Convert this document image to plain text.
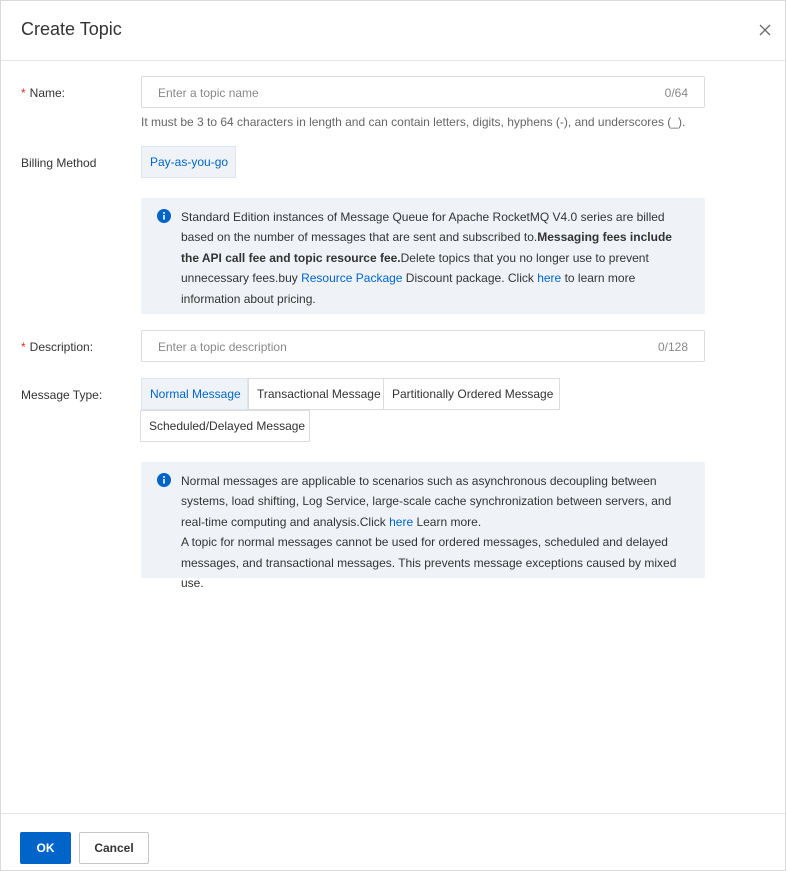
Create Topic
* Name:	Enter a topic name	0/64
It must be 3 to 64 characters in length and can contain letters, digits, hyphens (-), and underscores (_).
Billing Method	Pay-as-you-go
Standard Edition instances of Message Queue for Apache RocketMQ V4.0 series are billed based on the number of messages that are sent and subscribed to.Messaging fees include the API call fee and topic resource fee.Delete topics that you no longer use to prevent unnecessary fees.buy Resource Package Discount package. Click here to learn more information about pricing.
* Description:	Enter a topic description	0/128
Message Type:	Normal Message	Transactional Message Partitionally Ordered Message
Scheduled/Delayed Message
Normal messages are applicable to scenarios such as asynchronous decoupling between systems, load shifting, Log Service, large-scale cache synchronization between servers, and real-time computing and analysis.Click here Learn more.
A topic for normal messages cannot be used for ordered messages, scheduled and delayed messages, and transactional messages. This prevents message exceptions caused by mixed use.
OK	Cancel
